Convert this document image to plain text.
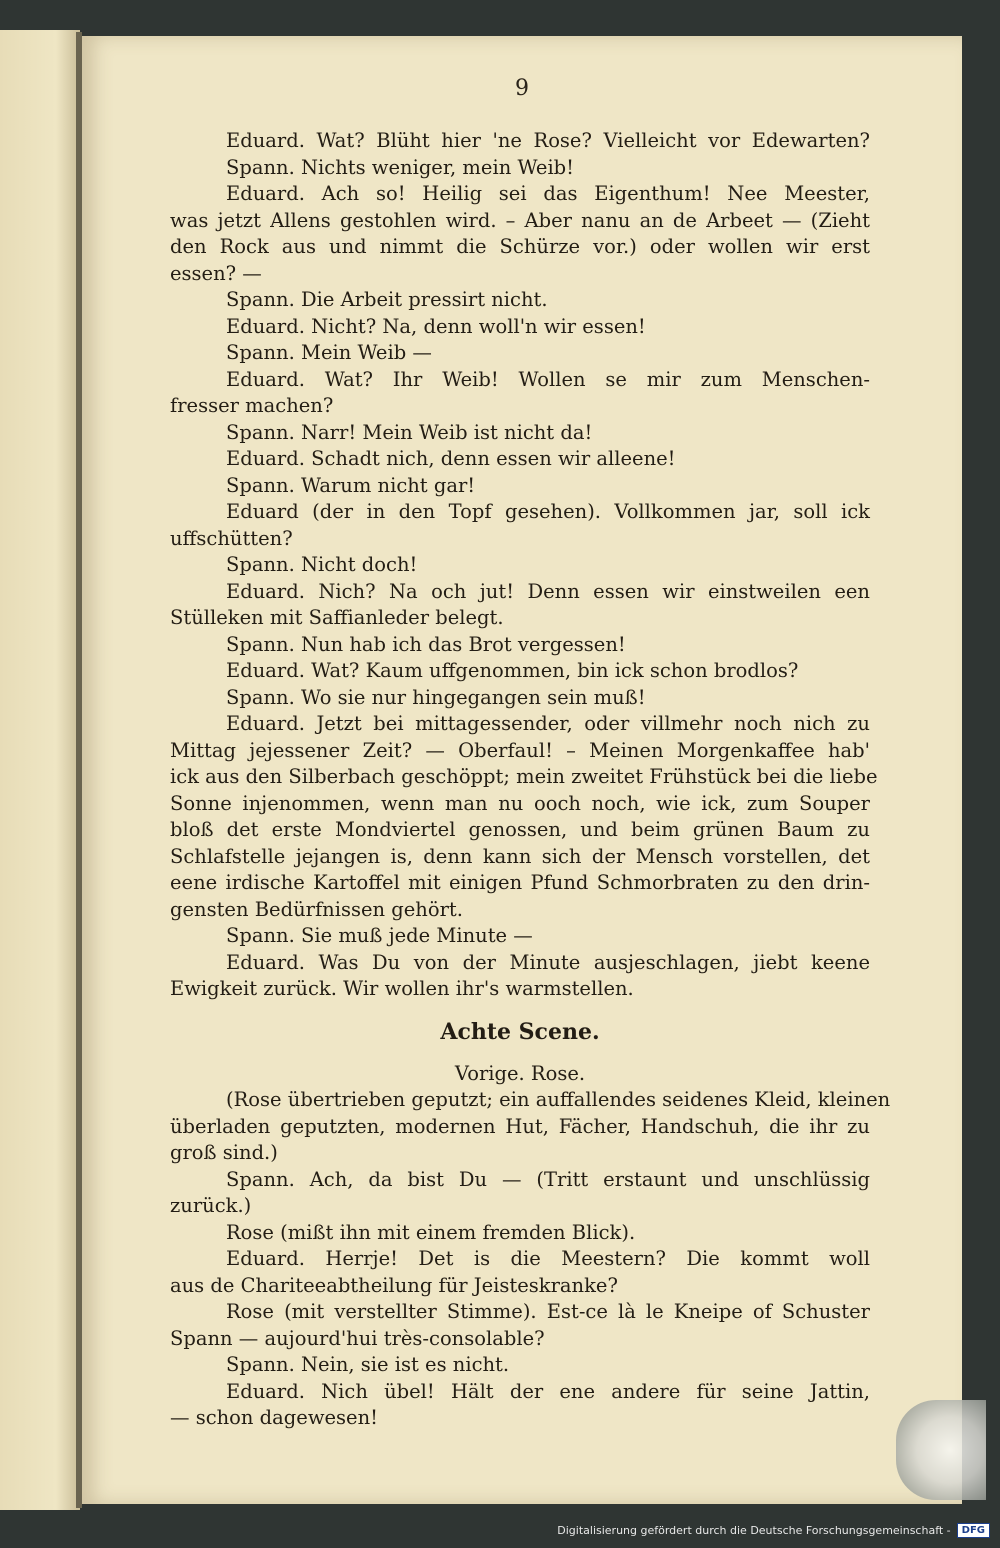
9
Eduard. Wat? Blüht hier 'ne Rose? Vielleicht vor Edewarten?
Spann. Nichts weniger, mein Weib!
Eduard. Ach so! Heilig sei das Eigenthum! Nee Meester,
was jetzt Allens gestohlen wird. – Aber nanu an de Arbeet — (Zieht
den Rock aus und nimmt die Schürze vor.) oder wollen wir erst
essen? —
Spann. Die Arbeit pressirt nicht.
Eduard. Nicht? Na, denn woll'n wir essen!
Spann. Mein Weib —
Eduard. Wat? Ihr Weib! Wollen se mir zum Menschen-
fresser machen?
Spann. Narr! Mein Weib ist nicht da!
Eduard. Schadt nich, denn essen wir alleene!
Spann. Warum nicht gar!
Eduard (der in den Topf gesehen). Vollkommen jar, soll ick
uffschütten?
Spann. Nicht doch!
Eduard. Nich? Na och jut! Denn essen wir einstweilen een
Stülleken mit Saffianleder belegt.
Spann. Nun hab ich das Brot vergessen!
Eduard. Wat? Kaum uffgenommen, bin ick schon brodlos?
Spann. Wo sie nur hingegangen sein muß!
Eduard. Jetzt bei mittagessender, oder villmehr noch nich zu
Mittag jejessener Zeit? — Oberfaul! – Meinen Morgenkaffee hab'
ick aus den Silberbach geschöppt; mein zweitet Frühstück bei die liebe
Sonne injenommen, wenn man nu ooch noch, wie ick, zum Souper
bloß det erste Mondviertel genossen, und beim grünen Baum zu
Schlafstelle jejangen is, denn kann sich der Mensch vorstellen, det
eene irdische Kartoffel mit einigen Pfund Schmorbraten zu den drin-
gensten Bedürfnissen gehört.
Spann. Sie muß jede Minute —
Eduard. Was Du von der Minute ausjeschlagen, jiebt keene
Ewigkeit zurück. Wir wollen ihr's warmstellen.
Achte Scene.
Vorige. Rose.
(Rose übertrieben geputzt; ein auffallendes seidenes Kleid, kleinen
überladen geputzten, modernen Hut, Fächer, Handschuh, die ihr zu
groß sind.)
Spann. Ach, da bist Du — (Tritt erstaunt und unschlüssig
zurück.)
Rose (mißt ihn mit einem fremden Blick).
Eduard. Herrje! Det is die Meestern? Die kommt woll
aus de Chariteeabtheilung für Jeisteskranke?
Rose (mit verstellter Stimme). Est-ce là le Kneipe of Schuster
Spann — aujourd'hui très-consolable?
Spann. Nein, sie ist es nicht.
Eduard. Nich übel! Hält der ene andere für seine Jattin,
— schon dagewesen!
Digitalisierung gefördert durch die Deutsche Forschungsgemeinschaft -	DFG
